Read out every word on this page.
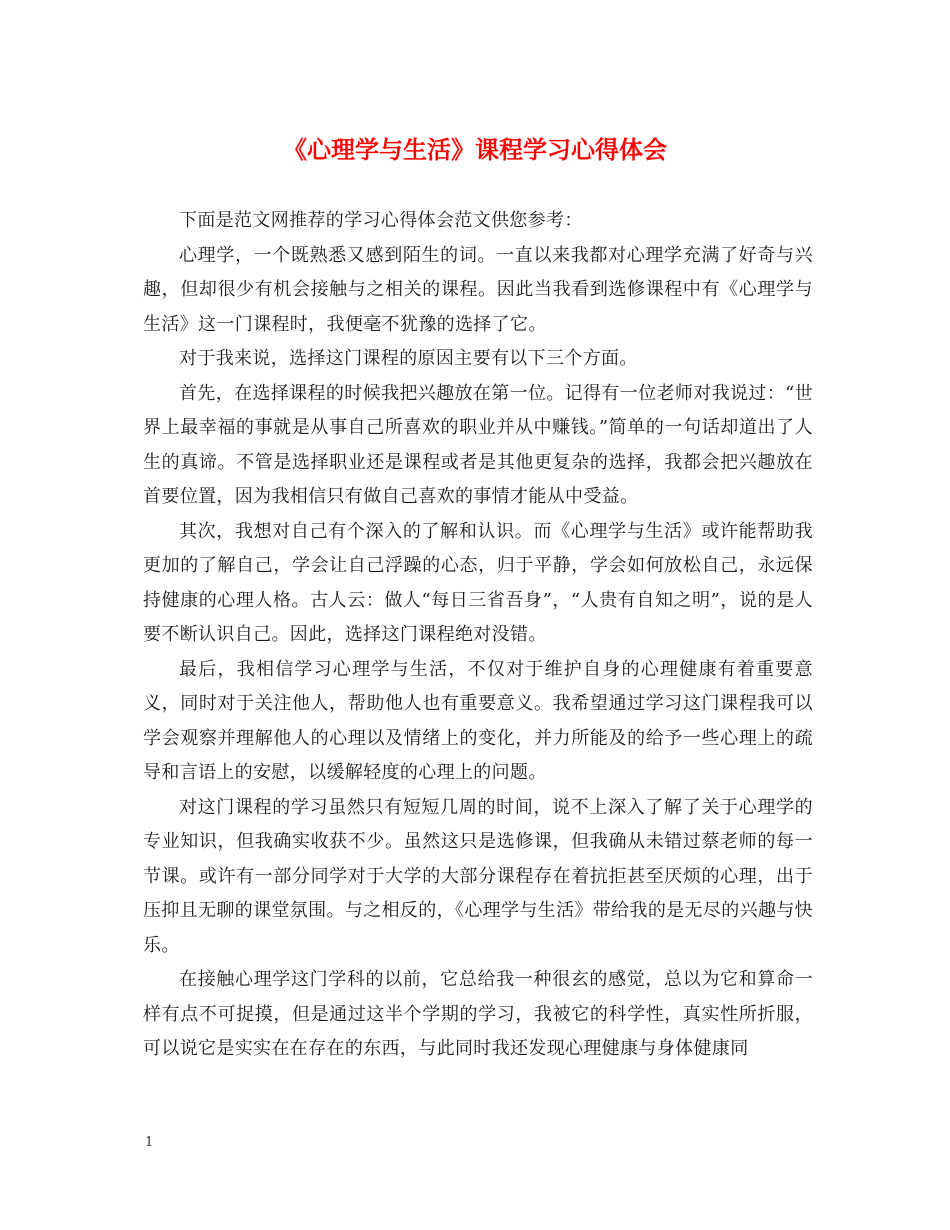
《心理学与生活》课程学习心得体会

下面是范文网推荐的学习心得体会范文供您参考：

心理学，一个既熟悉又感到陌生的词。一直以来我都对心理学充满了好奇与兴趣，但却很少有机会接触与之相关的课程。因此当我看到选修课程中有《心理学与生活》这一门课程时，我便毫不犹豫的选择了它。

对于我来说，选择这门课程的原因主要有以下三个方面。

首先，在选择课程的时候我把兴趣放在第一位。记得有一位老师对我说过：“世界上最幸福的事就是从事自己所喜欢的职业并从中赚钱。”简单的一句话却道出了人生的真谛。不管是选择职业还是课程或者是其他更复杂的选择，我都会把兴趣放在首要位置，因为我相信只有做自己喜欢的事情才能从中受益。

其次，我想对自己有个深入的了解和认识。而《心理学与生活》或许能帮助我更加的了解自己，学会让自己浮躁的心态，归于平静，学会如何放松自己，永远保持健康的心理人格。古人云：做人“每日三省吾身”，“人贵有自知之明”，说的是人要不断认识自己。因此，选择这门课程绝对没错。

最后，我相信学习心理学与生活，不仅对于维护自身的心理健康有着重要意义，同时对于关注他人，帮助他人也有重要意义。我希望通过学习这门课程我可以学会观察并理解他人的心理以及情绪上的变化，并力所能及的给予一些心理上的疏导和言语上的安慰，以缓解轻度的心理上的问题。

对这门课程的学习虽然只有短短几周的时间，说不上深入了解了关于心理学的专业知识，但我确实收获不少。虽然这只是选修课，但我确从未错过蔡老师的每一节课。或许有一部分同学对于大学的大部分课程存在着抗拒甚至厌烦的心理，出于压抑且无聊的课堂氛围。与之相反的，《心理学与生活》带给我的是无尽的兴趣与快乐。

在接触心理学这门学科的以前，它总给我一种很玄的感觉，总以为它和算命一样有点不可捉摸，但是通过这半个学期的学习，我被它的科学性，真实性所折服，可以说它是实实在在存在的东西，与此同时我还发现心理健康与身体健康同

1
